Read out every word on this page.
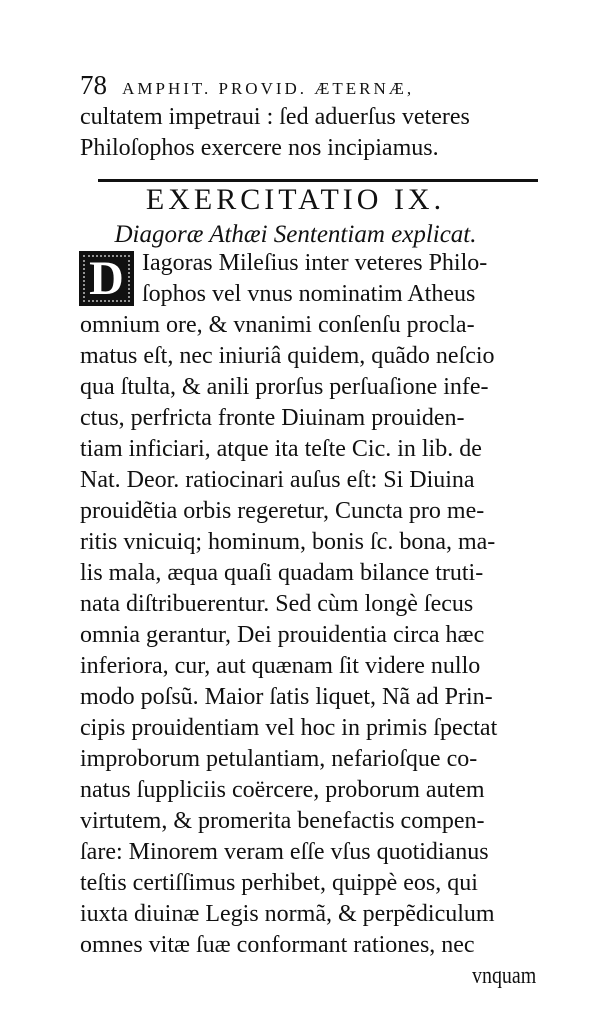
78 AMPHIT. PROVID. ÆTERNÆ,
cultatem impetraui : ſed aduerſus veteres
Philoſophos exercere nos incipiamus.
EXERCITATIO IX.
Diagoræ Athæi Sententiam explicat.
D Iagoras Mileſius inter veteres Philo-
ſophos vel vnus nominatim Atheus
omnium ore, & vnanimi conſenſu procla-
matus eſt, nec iniuriâ quidem, quãdo neſcio
qua ſtulta, & anili prorſus perſuaſione infe-
ctus, perfricta fronte Diuinam prouiden-
tiam inficiari, atque ita teſte Cic. in lib. de
Nat. Deor. ratiocinari auſus eſt: Si Diuina
prouidẽtia orbis regeretur, Cuncta pro me-
ritis vnicuiq; hominum, bonis ſc. bona, ma-
lis mala, æqua quaſi quadam bilance truti-
nata diſtribuerentur. Sed cùm longè ſecus
omnia gerantur, Dei prouidentia circa hæc
inferiora, cur, aut quænam ſit videre nullo
modo poſsũ. Maior ſatis liquet, Nã ad Prin-
cipis prouidentiam vel hoc in primis ſpectat
improborum petulantiam, nefarioſque co-
natus ſuppliciis coërcere, proborum autem
virtutem, & promerita benefactis compen-
ſare: Minorem veram eſſe vſus quotidianus
teſtis certiſſimus perhibet, quippè eos, qui
iuxta diuinæ Legis normã, & perpẽdiculum
omnes vitæ ſuæ conformant rationes, nec
vnquam
